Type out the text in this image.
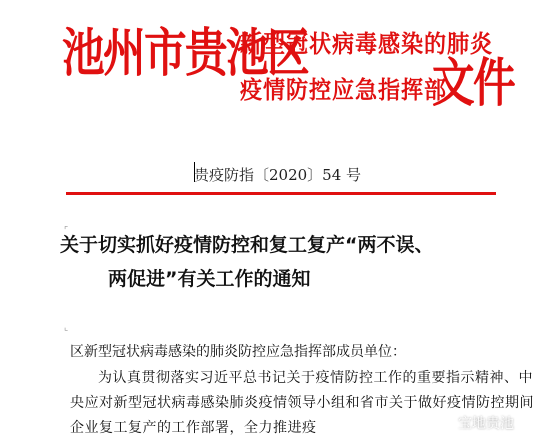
池州市贵池区
新型冠状病毒感染的肺炎
疫情防控应急指挥部
文件
贵疫防指〔2020〕54 号
关于切实抓好疫情防控和复工复产“两不误、
两促进”有关工作的通知
⌜
⌞
区新型冠状病毒感染的肺炎防控应急指挥部成员单位：
为认真贯彻落实习近平总书记关于疫情防控工作的重要指示精神、中央应对新型冠状病毒感染肺炎疫情领导小组和省市关于做好疫情防控期间企业复工复产的工作部署，全力推进疫	宝地贵池
